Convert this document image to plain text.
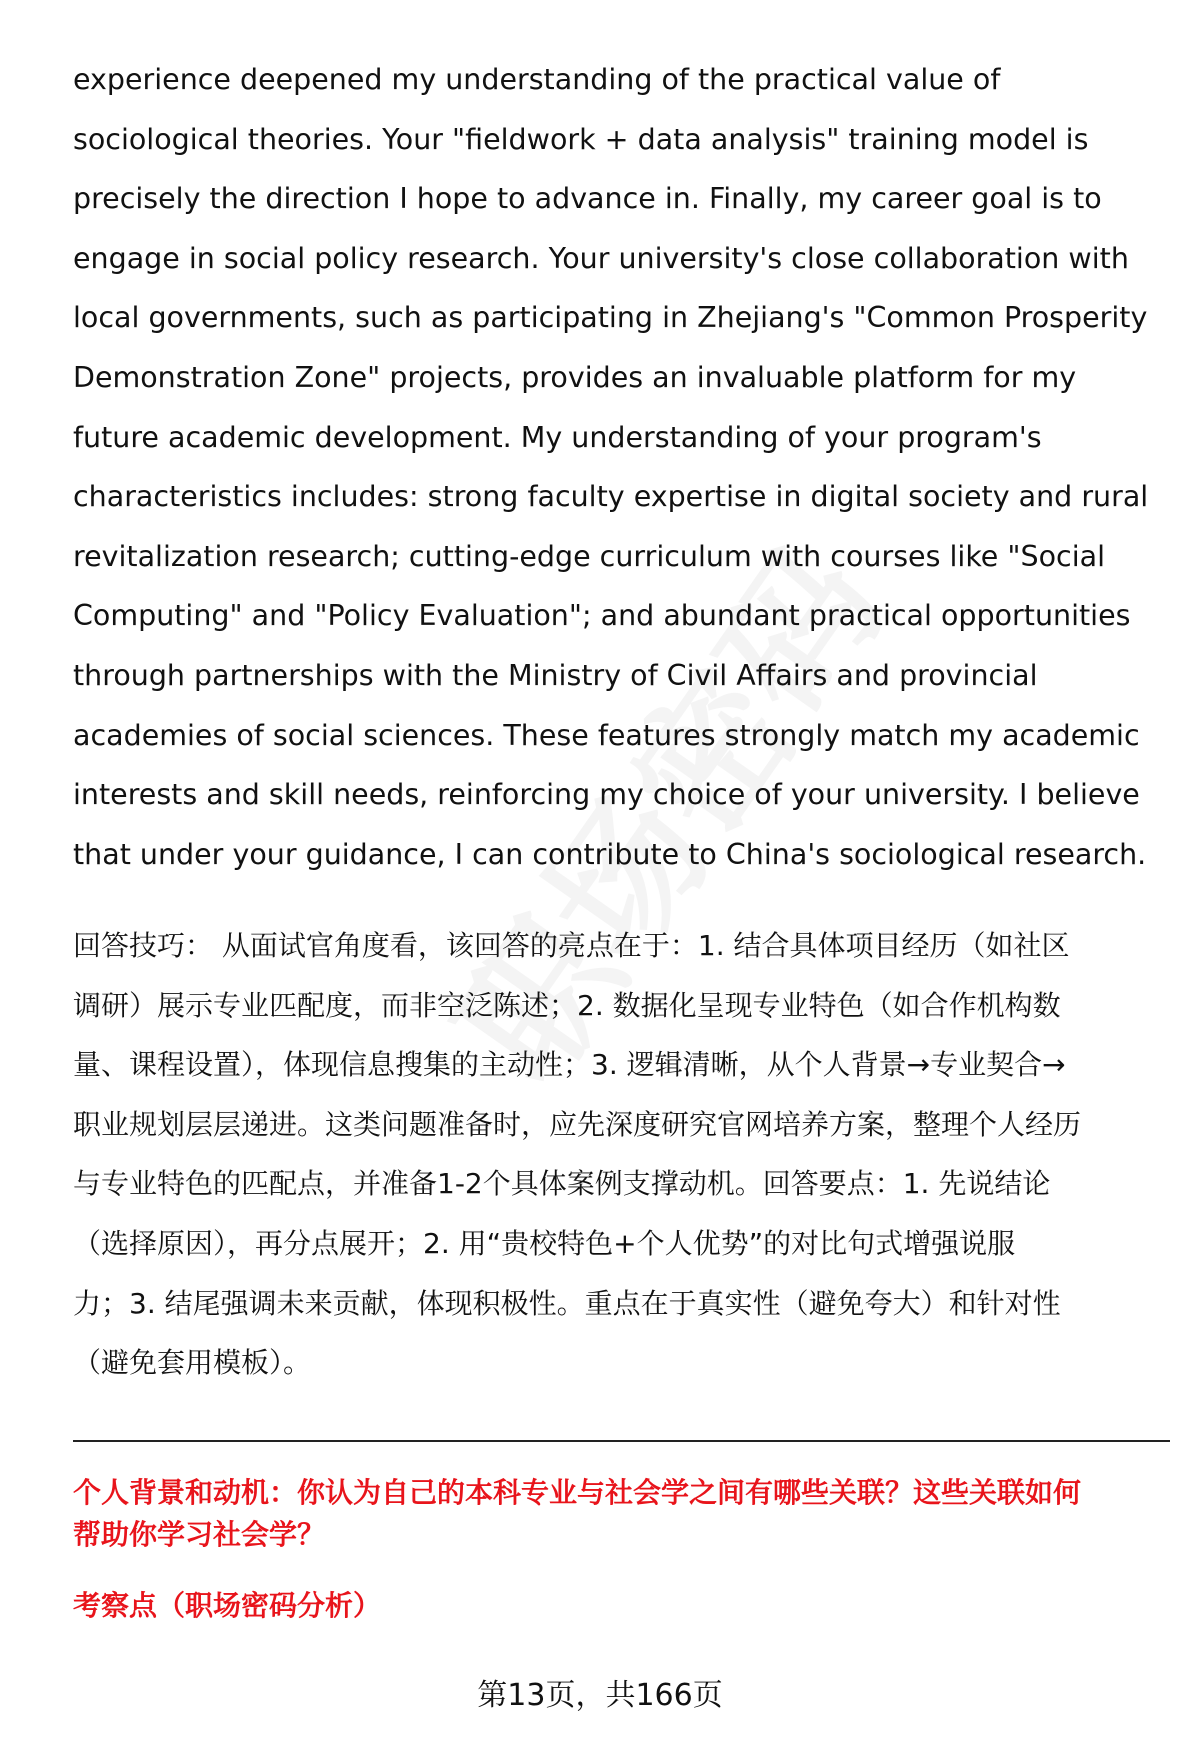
experience deepened my understanding of the practical value of

sociological theories. Your "fieldwork + data analysis" training model is

precisely the direction I hope to advance in. Finally, my career goal is to

engage in social policy research. Your university's close collaboration with

local governments, such as participating in Zhejiang's "Common Prosperity

Demonstration Zone" projects, provides an invaluable platform for my

future academic development. My understanding of your program's

characteristics includes: strong faculty expertise in digital society and rural

revitalization research; cutting-edge curriculum with courses like "Social

Computing" and "Policy Evaluation"; and abundant practical opportunities

through partnerships with the Ministry of Civil Affairs and provincial

academies of social sciences. These features strongly match my academic

interests and skill needs, reinforcing my choice of your university. I believe

that under your guidance, I can contribute to China's sociological research.

回答技巧： 从面试官角度看，该回答的亮点在于：1. 结合具体项目经历（如社区

调研）展示专业匹配度，而非空泛陈述；2. 数据化呈现专业特色（如合作机构数

量、课程设置），体现信息搜集的主动性；3. 逻辑清晰，从个人背景→专业契合→

职业规划层层递进。这类问题准备时，应先深度研究官网培养方案，整理个人经历

与专业特色的匹配点，并准备1-2个具体案例支撑动机。回答要点：1. 先说结论

（选择原因），再分点展开；2. 用“贵校特色+个人优势”的对比句式增强说服

力；3. 结尾强调未来贡献，体现积极性。重点在于真实性（避免夸大）和针对性

（避免套用模板）。

个人背景和动机：你认为自己的本科专业与社会学之间有哪些关联？这些关联如何

帮助你学习社会学？

考察点（职场密码分析）
第13页，共166页
